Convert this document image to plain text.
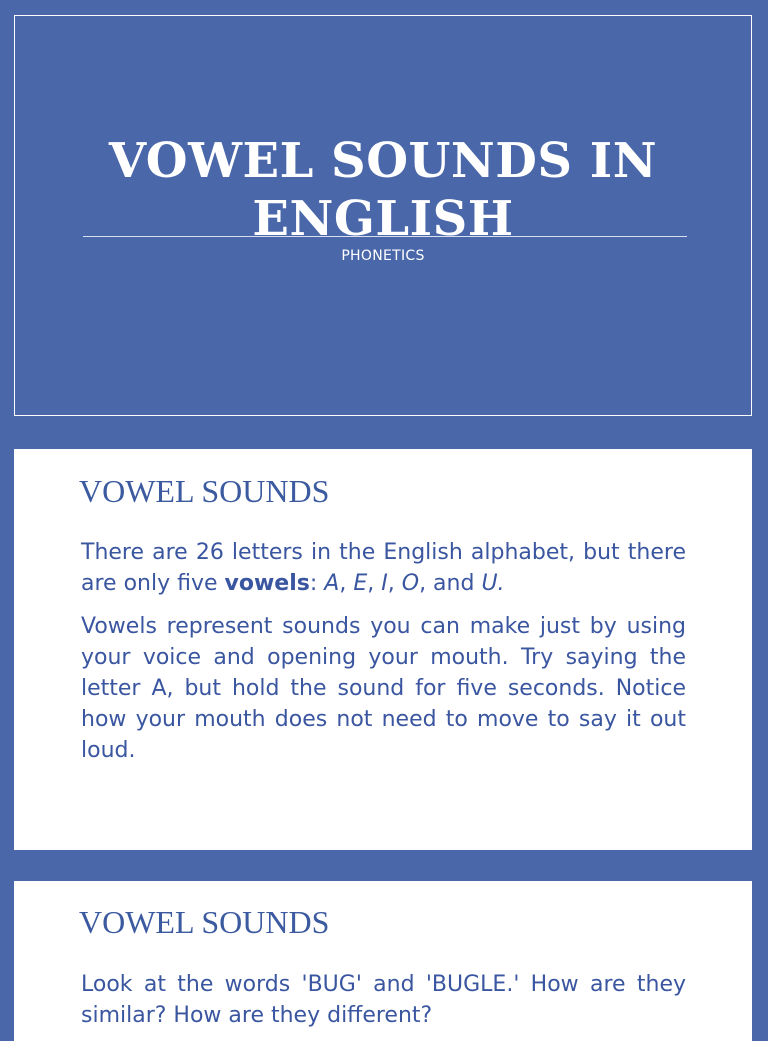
VOWEL SOUNDS IN
ENGLISH
PHONETICS
VOWEL SOUNDS

There are 26 letters in the English alphabet, but there are only five vowels: A, E, I, O, and U.

Vowels represent sounds you can make just by using your voice and opening your mouth. Try saying the letter A, but hold the sound for five seconds. Notice how your mouth does not need to move to say it out loud.

VOWEL SOUNDS

Look at the words 'BUG' and 'BUGLE.' How are they similar? How are they different?
